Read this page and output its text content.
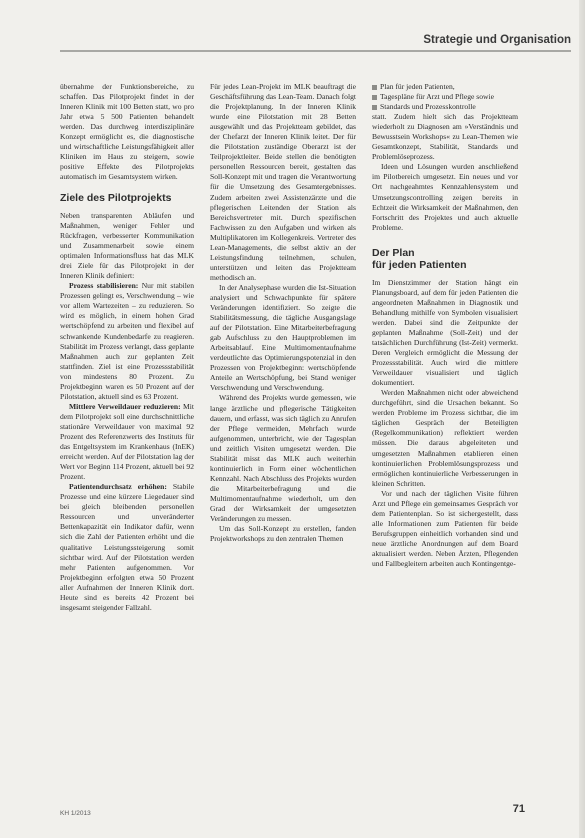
Strategie und Organisation

übernahme der Funktionsbereiche, zu schaffen. Das Pilotprojekt findet in der Inneren Klinik mit 100 Betten statt, wo pro Jahr etwa 5 500 Patienten behandelt werden. Das durchweg interdisziplinäre Konzept ermöglicht es, die diagnostische und wirtschaftliche Leistungsfähigkeit aller Kliniken im Haus zu steigern, sowie positive Effekte des Pilotprojekts automatisch im Gesamtsystem wirken.

Ziele des Pilotprojekts

Neben transparenten Abläufen und Maßnahmen, weniger Fehler und Rückfragen, verbesserter Kommunikation und Zusammenarbeit sowie einem optimalen Informationsfluss hat das MLK drei Ziele für das Pilotprojekt in der Inneren Klinik definiert:

Prozess stabilisieren: Nur mit stabilen Prozessen gelingt es, Verschwendung – wie vor allem Wartezeiten – zu reduzieren. So wird es möglich, in einem hohen Grad wertschöpfend zu arbeiten und flexibel auf schwankende Kundenbedarfe zu reagieren. Stabilität im Prozess verlangt, dass geplante Maßnahmen auch zur geplanten Zeit stattfinden. Ziel ist eine Prozessstabilität von mindestens 80 Prozent. Zu Projektbeginn waren es 50 Prozent auf der Pilotstation, aktuell sind es 63 Prozent.

Mittlere Verweildauer reduzieren: Mit dem Pilotprojekt soll eine durchschnittliche stationäre Verweildauer von maximal 92 Prozent des Referenzwerts des Instituts für das Entgeltsystem im Krankenhaus (InEK) erreicht werden. Auf der Pilotstation lag der Wert vor Beginn 114 Prozent, aktuell bei 92 Prozent.

Patientendurchsatz erhöhen: Stabile Prozesse und eine kürzere Liegedauer sind bei gleich bleibenden personellen Ressourcen und unveränderter Bettenkapazität ein Indikator dafür, wenn sich die Zahl der Patienten erhöht und die qualitative Leistungssteigerung somit sichtbar wird. Auf der Pilotstation werden mehr Patienten aufgenommen. Vor Projektbeginn erfolgten etwa 50 Prozent aller Aufnahmen der Inneren Klinik dort. Heute sind es bereits 42 Prozent bei insgesamt steigender Fallzahl.

Für jedes Lean-Projekt im MLK beauftragt die Geschäftsführung das Lean-Team. Danach folgt die Projektplanung. In der Inneren Klinik wurde eine Pilotstation mit 28 Betten ausgewählt und das Projektteam gebildet, das der Chefarzt der Inneren Klinik leitet. Der für die Pilotstation zuständige Oberarzt ist der Teilprojektleiter. Beide stellen die benötigten personellen Ressourcen bereit, gestalten das Soll-Konzept mit und tragen die Verantwortung für die Umsetzung des Gesamtergebnisses. Zudem arbeiten zwei Assistenzärzte und die pflegerischen Leitenden der Station als Bereichsvertreter mit. Durch spezifischen Fachwissen zu den Aufgaben und wirken als Multiplikatoren im Kollegenkreis. Vertreter des Lean-Managements, die selbst aktiv an der Leistungsfindung teilnehmen, schulen, unterstützen und leiten das Projektteam methodisch an.

In der Analysephase wurden die Ist-Situation analysiert und Schwachpunkte für spätere Veränderungen identifiziert. So zeigte die Stabilitätsmessung, die tägliche Ausgangslage auf der Pilotstation. Eine Mitarbeiterbefragung gab Aufschluss zu den Hauptproblemen im Arbeitsablauf. Eine Multimomentaufnahme verdeutlichte das Optimierungspotenzial in den Prozessen von Projektbeginn: wertschöpfende Anteile an Wertschöpfung, bei Stand weniger Verschwendung und Verschwendung.

Während des Projekts wurde gemessen, wie lange ärztliche und pflegerische Tätigkeiten dauern, und erfasst, was sich täglich zu Anrufen der Pflege vermeiden, Mehrfach wurde aufgenommen, unterbricht, wie der Tagesplan und zeitlich Visiten umgesetzt werden. Die Stabilität misst das MLK auch weiterhin kontinuierlich in Form einer wöchentlichen Kennzahl. Nach Abschluss des Projekts wurden die Mitarbeiterbefragung und die Multimomentaufnahme wiederholt, um den Grad der Wirksamkeit der umgesetzten Veränderungen zu messen.

Um das Soll-Konzept zu erstellen, fanden Projektworkshops zu den zentralen Themen

Plan für jeden Patienten,
Tagespläne für Arzt und Pflege sowie
Standards und Prozesskontrolle

statt. Zudem hielt sich das Projektteam wiederholt zu Diagnosen am »Verständnis und Bewusstsein Workshops« zu Lean-Themen wie Gesamtkonzept, Stabilität, Standards und Problemlöseprozess.

Ideen und Lösungen wurden anschließend im Pilotbereich umgesetzt. Ein neues und vor Ort nachgeahmtes Kennzahlensystem und Umsetzungscontrolling zeigen bereits in Echtzeit die Wirksamkeit der Maßnahmen, den Fortschritt des Projektes und auch aktuelle Probleme.

Der Plan
für jeden Patienten

Im Dienstzimmer der Station hängt ein Planungsboard, auf dem für jeden Patienten die angeordneten Maßnahmen in Diagnostik und Behandlung mithilfe von Symbolen visualisiert werden. Dabei sind die Zeitpunkte der geplanten Maßnahme (Soll-Zeit) und der tatsächlichen Durchführung (Ist-Zeit) vermerkt. Deren Vergleich ermöglicht die Messung der Prozessstabilität. Auch wird die mittlere Verweildauer visualisiert und täglich dokumentiert.

Werden Maßnahmen nicht oder abweichend durchgeführt, sind die Ursachen bekannt. So werden Probleme im Prozess sichtbar, die im täglichen Gespräch der Beteiligten (Regelkommunikation) reflektiert werden müssen. Die daraus abgeleiteten und umgesetzten Maßnahmen etablieren einen kontinuierlichen Problemlösungsprozess und ermöglichen kontinuierliche Verbesserungen in kleinen Schritten.

Vor und nach der täglichen Visite führen Arzt und Pflege ein gemeinsames Gespräch vor dem Patientenplan. So ist sichergestellt, dass alle Informationen zum Patienten für beide Berufsgruppen einheitlich vorhanden sind und neue ärztliche Anordnungen auf dem Board aktualisiert werden. Neben Ärzten, Pflegenden und Fallbegleitern arbeiten auch Kontingentge-

KH 1/2013	71
